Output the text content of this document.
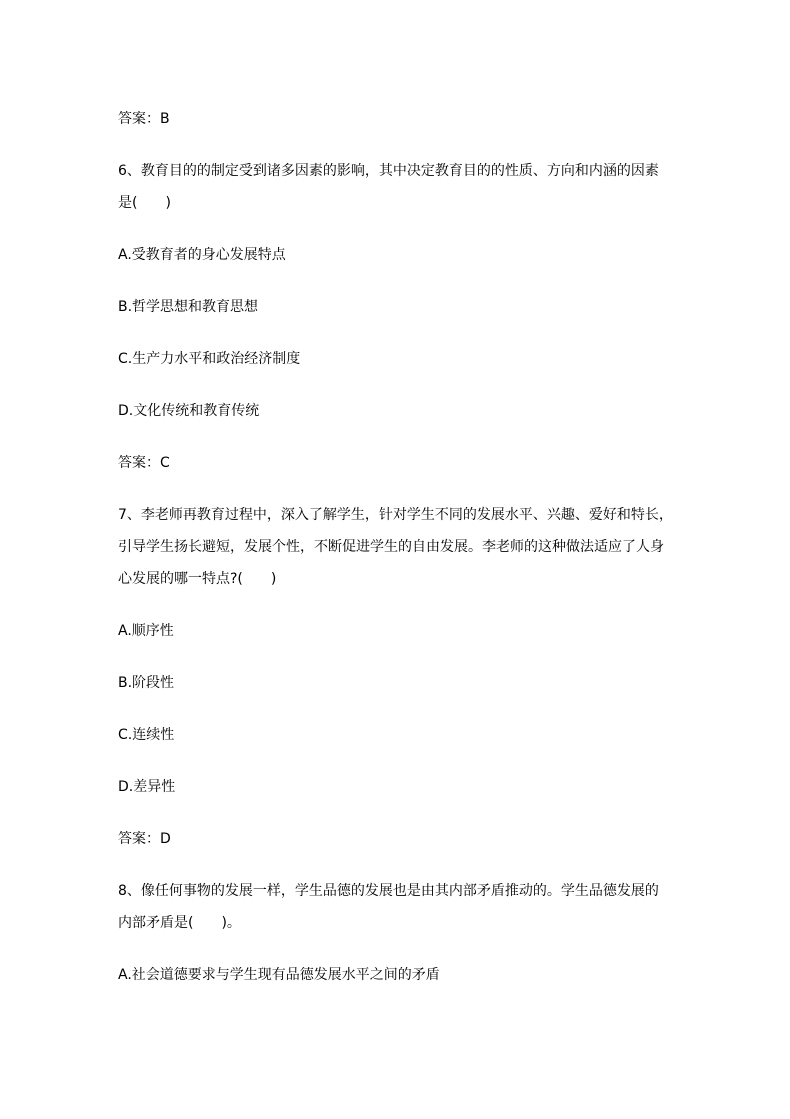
答案：B
6、教育目的的制定受到诸多因素的影响，其中决定教育目的的性质、方向和内涵的因素
是(　　)
A.受教育者的身心发展特点
B.哲学思想和教育思想
C.生产力水平和政治经济制度
D.文化传统和教育传统
答案：C
7、李老师再教育过程中，深入了解学生，针对学生不同的发展水平、兴趣、爱好和特长，
引导学生扬长避短，发展个性，不断促进学生的自由发展。李老师的这种做法适应了人身
心发展的哪一特点?(　　)
A.顺序性
B.阶段性
C.连续性
D.差异性
答案：D
8、像任何事物的发展一样，学生品德的发展也是由其内部矛盾推动的。学生品德发展的
内部矛盾是(　　)。
A.社会道德要求与学生现有品德发展水平之间的矛盾
